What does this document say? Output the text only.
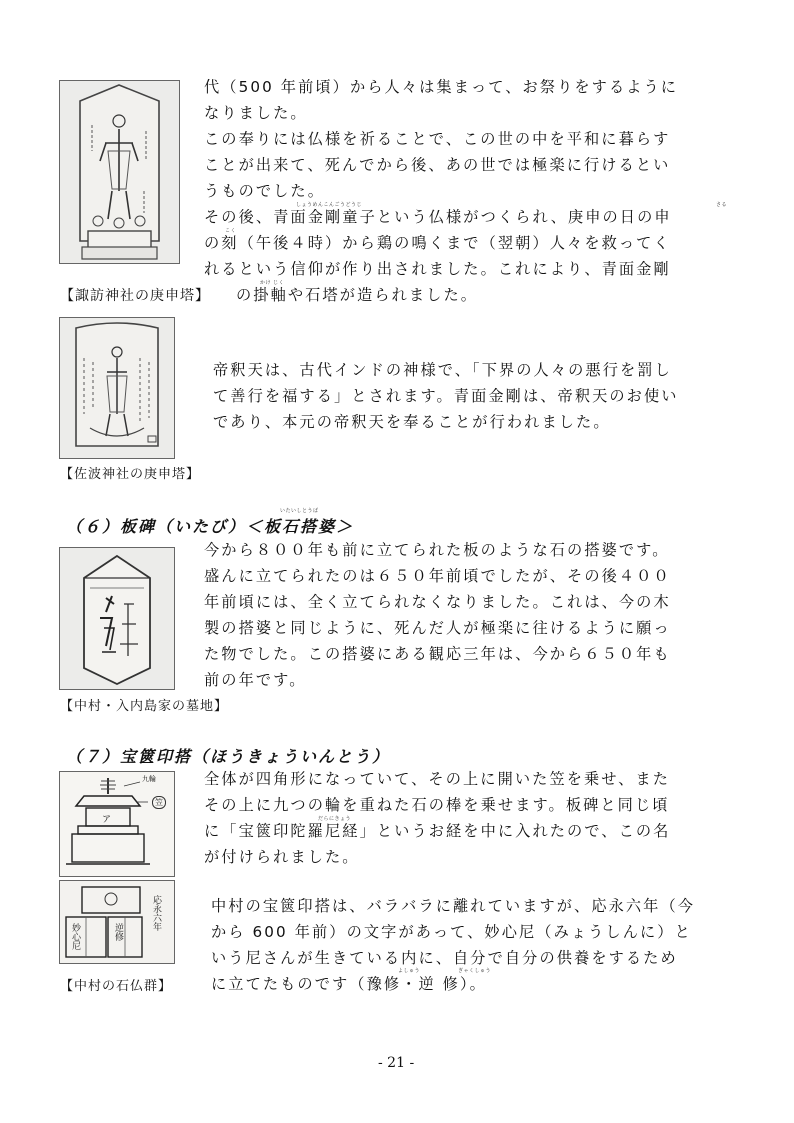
代（500 年前頃）から人々は集まって、お祭りをするように
なりました。
この奉りには仏様を祈ることで、この世の中を平和に暮らす
ことが出来て、死んでから後、あの世では極楽に行けるとい
うものでした。
その後、青面金剛童子という仏様がつくられ、庚申の日の申
の刻（午後４時）から鶏の鳴くまで（翌朝）人々を救ってく
れるという信仰が作り出されました。これにより、青面金剛
しょうめんこんごうどうじ	さる
こく
かけ じく
【諏訪神社の庚申塔】 の掛軸や石塔が造られました。
帝釈天は、古代インドの神様で、「下界の人々の悪行を罰し
て善行を福する」とされます。青面金剛は、帝釈天のお使い
であり、本元の帝釈天を奉ることが行われました。
【佐波神社の庚申塔】
いたいしとうば
（６）板碑（いたび）＜板石搭婆＞
今から８００年も前に立てられた板のような石の搭婆です。
盛んに立てられたのは６５０年前頃でしたが、その後４００
年前頃には、全く立てられなくなりました。これは、今の木
製の搭婆と同じように、死んだ人が極楽に往けるように願っ
た物でした。この搭婆にある観応三年は、今から６５０年も
前の年です。
【中村・入内島家の墓地】
（７）宝篋印搭（ほうきょういんとう）
九輪
笠
ア
全体が四角形になっていて、その上に開いた笠を乗せ、また
その上に九つの輪を重ねた石の棒を乗せます。板碑と同じ頃
に「宝篋印陀羅尼経」というお経を中に入れたので、この名
が付けられました。
だらにきょう
妙心尼	逆修
応永六年	中村の宝篋印搭は、バラバラに離れていますが、応永六年（今
から 600 年前）の文字があって、妙心尼（みょうしんに）と
いう尼さんが生きている内に、自分で自分の供養をするため
に立てたものです（豫修・逆 修）。
よしゅう	ぎゃくしゅう
【中村の石仏群】
- 21 -
